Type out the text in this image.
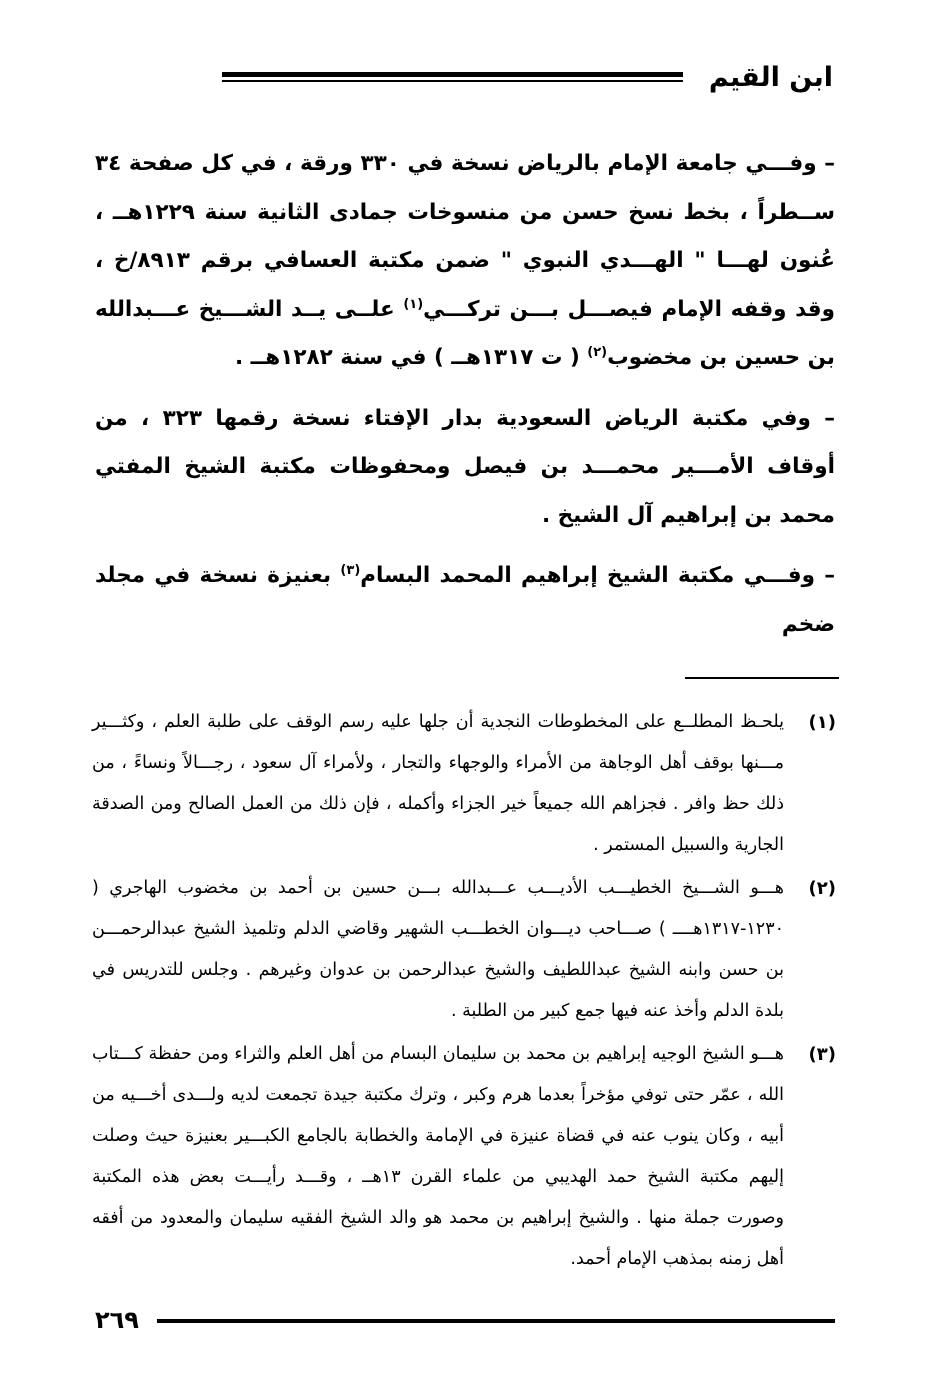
ابن القيم

– وفـــي جامعة الإمام بالرياض نسخة في ٣٣٠ ورقة ، في كل صفحة ٣٤ ســطراً ، بخط نسخ حسن من منسوخات جمادى الثانية سنة ١٢٢٩هــ ، عُنون لهـــا " الهـــدي النبوي " ضمن مكتبة العسافي برقم ٨٩١٣/خ ، وقد وقفه الإمام فيصـــل بـــن تركـــي$^{(١)}$ علــى يــد الشـــيخ عـــبدالله بن حسين بن مخضوب$^{(٢)}$ ( ت ١٣١٧هــ ) في سنة ١٢٨٢هــ .

– وفي مكتبة الرياض السعودية بدار الإفتاء نسخة رقمها ٣٢٣ ، من أوقاف الأمـــير محمـــد بن فيصل ومحفوظات مكتبة الشيخ المفتي محمد بن إبراهيم آل الشيخ .

– وفـــي مكتبة الشيخ إبراهيم المحمد البسام$^{(٣)}$ بعنيزة نسخة في مجلد ضخم

(١)
يلحـظ المطلــع على المخطوطات النجدية أن جلها عليه رسم الوقف على طلبة العلم ، وكثـــير مـــنها بوقف أهل الوجاهة من الأمراء والوجهاء والتجار ، ولأمراء آل سعود ، رجـــالاً ونساءً ، من ذلك حظ وافر . فجزاهم الله جميعاً خير الجزاء وأكمله ، فإن ذلك من العمل الصالح ومن الصدقة الجارية والسبيل المستمر .
(٢)
هـــو الشـــيخ الخطيـــب الأديـــب عـــبدالله بـــن حسين بن أحمد بن مخضوب الهاجري ( ١٢٣٠-١٣١٧هــــ ) صـــاحب ديـــوان الخطـــب الشهير وقاضي الدلم وتلميذ الشيخ عبدالرحمـــن بن حسن وابنه الشيخ عبداللطيف والشيخ عبدالرحمن بن عدوان وغيرهم . وجلس للتدريس في بلدة الدلم وأخذ عنه فيها جمع كبير من الطلبة .
(٣)
هـــو الشيخ الوجيه إبراهيم بن محمد بن سليمان البسام من أهل العلم والثراء ومن حفظة كـــتاب الله ، عمّر حتى توفي مؤخراً بعدما هرم وكبر ، وترك مكتبة جيدة تجمعت لديه ولـــدى أخـــيه من أبيه ، وكان ينوب عنه في قضاة عنيزة في الإمامة والخطابة بالجامع الكبـــير بعنيزة حيث وصلت إليهم مكتبة الشيخ حمد الهديبي من علماء القرن ١٣هــ ، وقـــد رأيـــت بعض هذه المكتبة وصورت جملة منها . والشيخ إبراهيم بن محمد هو والد الشيخ الفقيه سليمان والمعدود من أفقه أهل زمنه بمذهب الإمام أحمد.
٢٦٩
